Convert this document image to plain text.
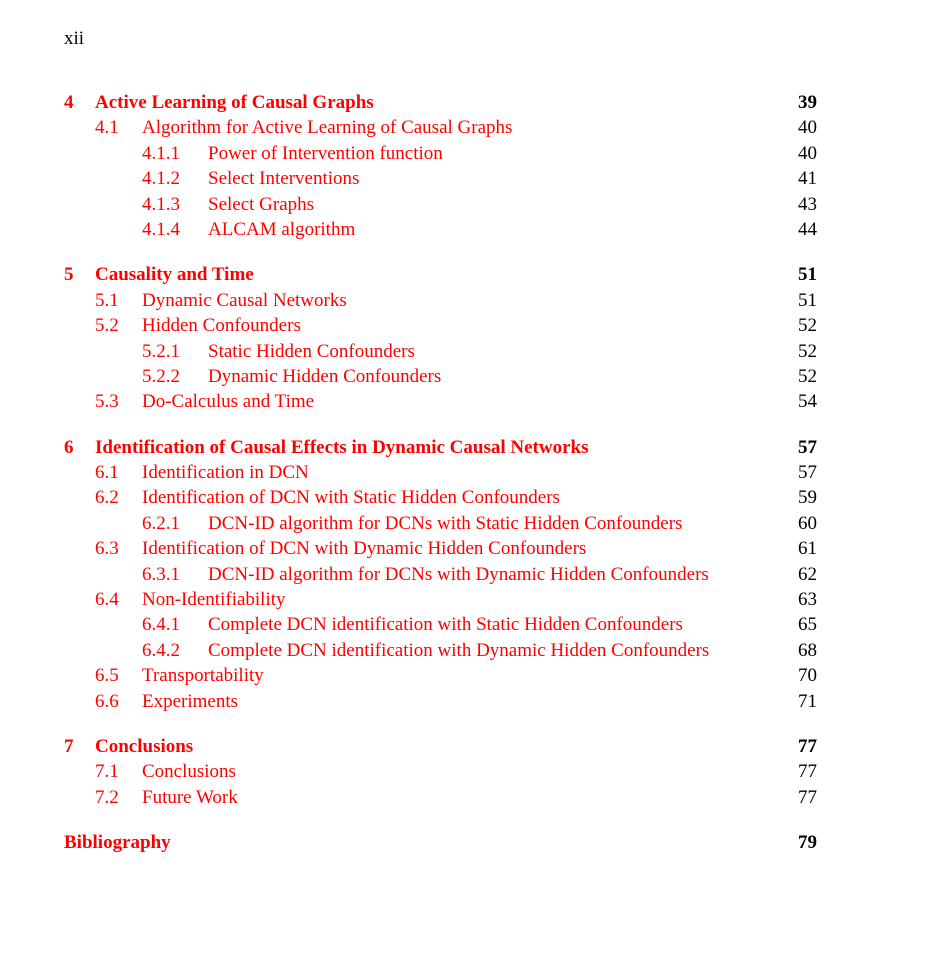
xii
4 Active Learning of Causal Graphs	39
4.1 Algorithm for Active Learning of Causal Graphs	40
4.1.1 Power of Intervention function	40
4.1.2 Select Interventions	41
4.1.3 Select Graphs	43
4.1.4 ALCAM algorithm	44
5 Causality and Time	51
5.1 Dynamic Causal Networks	51
5.2 Hidden Confounders	52
5.2.1 Static Hidden Confounders	52
5.2.2 Dynamic Hidden Confounders	52
5.3 Do-Calculus and Time	54
6 Identification of Causal Effects in Dynamic Causal Networks	57
6.1 Identification in DCN	57
6.2 Identification of DCN with Static Hidden Confounders	59
6.2.1 DCN-ID algorithm for DCNs with Static Hidden Confounders	60
6.3 Identification of DCN with Dynamic Hidden Confounders	61
6.3.1 DCN-ID algorithm for DCNs with Dynamic Hidden Confounders	62
6.4 Non-Identifiability	63
6.4.1 Complete DCN identification with Static Hidden Confounders	65
6.4.2 Complete DCN identification with Dynamic Hidden Confounders	68
6.5 Transportability	70
6.6 Experiments	71
7 Conclusions	77
7.1 Conclusions	77
7.2 Future Work	77
Bibliography	79
